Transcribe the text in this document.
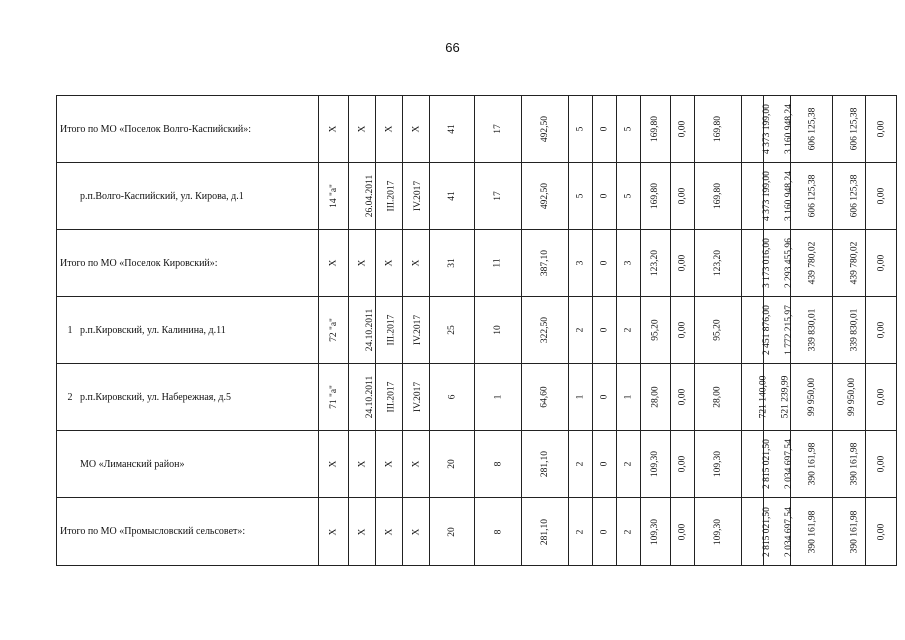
66
Итого по МО «Поселок Волго-Каспийский»:	Х	Х	Х	Х	41	17	492,50	5	0	5	169,80	0,00	169,80	4 373 199,00	3 160 948,24	606 125,38	606 125,38	0,00
р.п.Волго-Каспийский, ул. Кирова, д.1	14 "а"	26.04.2011	III.2017	IV.2017	41	17	492,50	5	0	5	169,80	0,00	169,80	4 373 199,00	3 160 948,24	606 125,38	606 125,38	0,00
Итого по МО «Поселок Кировский»:	Х	Х	Х	Х	31	11	387,10	3	0	3	123,20	0,00	123,20	3 173 016,00	2 293 455,96	439 780,02	439 780,02	0,00
1 р.п.Кировский, ул. Калинина, д.11	72 "а"	24.10.2011	III.2017	IV.2017	25	10	322,50	2	0	2	95,20	0,00	95,20	2 451 876,00	1 772 215,97	339 830,01	339 830,01	0,00
2 р.п.Кировский, ул. Набережная, д.5	71 "а"	24.10.2011	III.2017	IV.2017	6	1	64,60	1	0	1	28,00	0,00	28,00	721 140,00	521 239,99	99 950,00	99 950,00	0,00
МО «Лиманский район»	Х	Х	Х	Х	20	8	281,10	2	0	2	109,30	0,00	109,30	2 815 021,50	2 034 697,54	390 161,98	390 161,98	0,00
Итого по МО «Промысловский сельсовет»:	Х	Х	Х	Х	20	8	281,10	2	0	2	109,30	0,00	109,30	2 815 021,50	2 034 697,54	390 161,98	390 161,98	0,00
